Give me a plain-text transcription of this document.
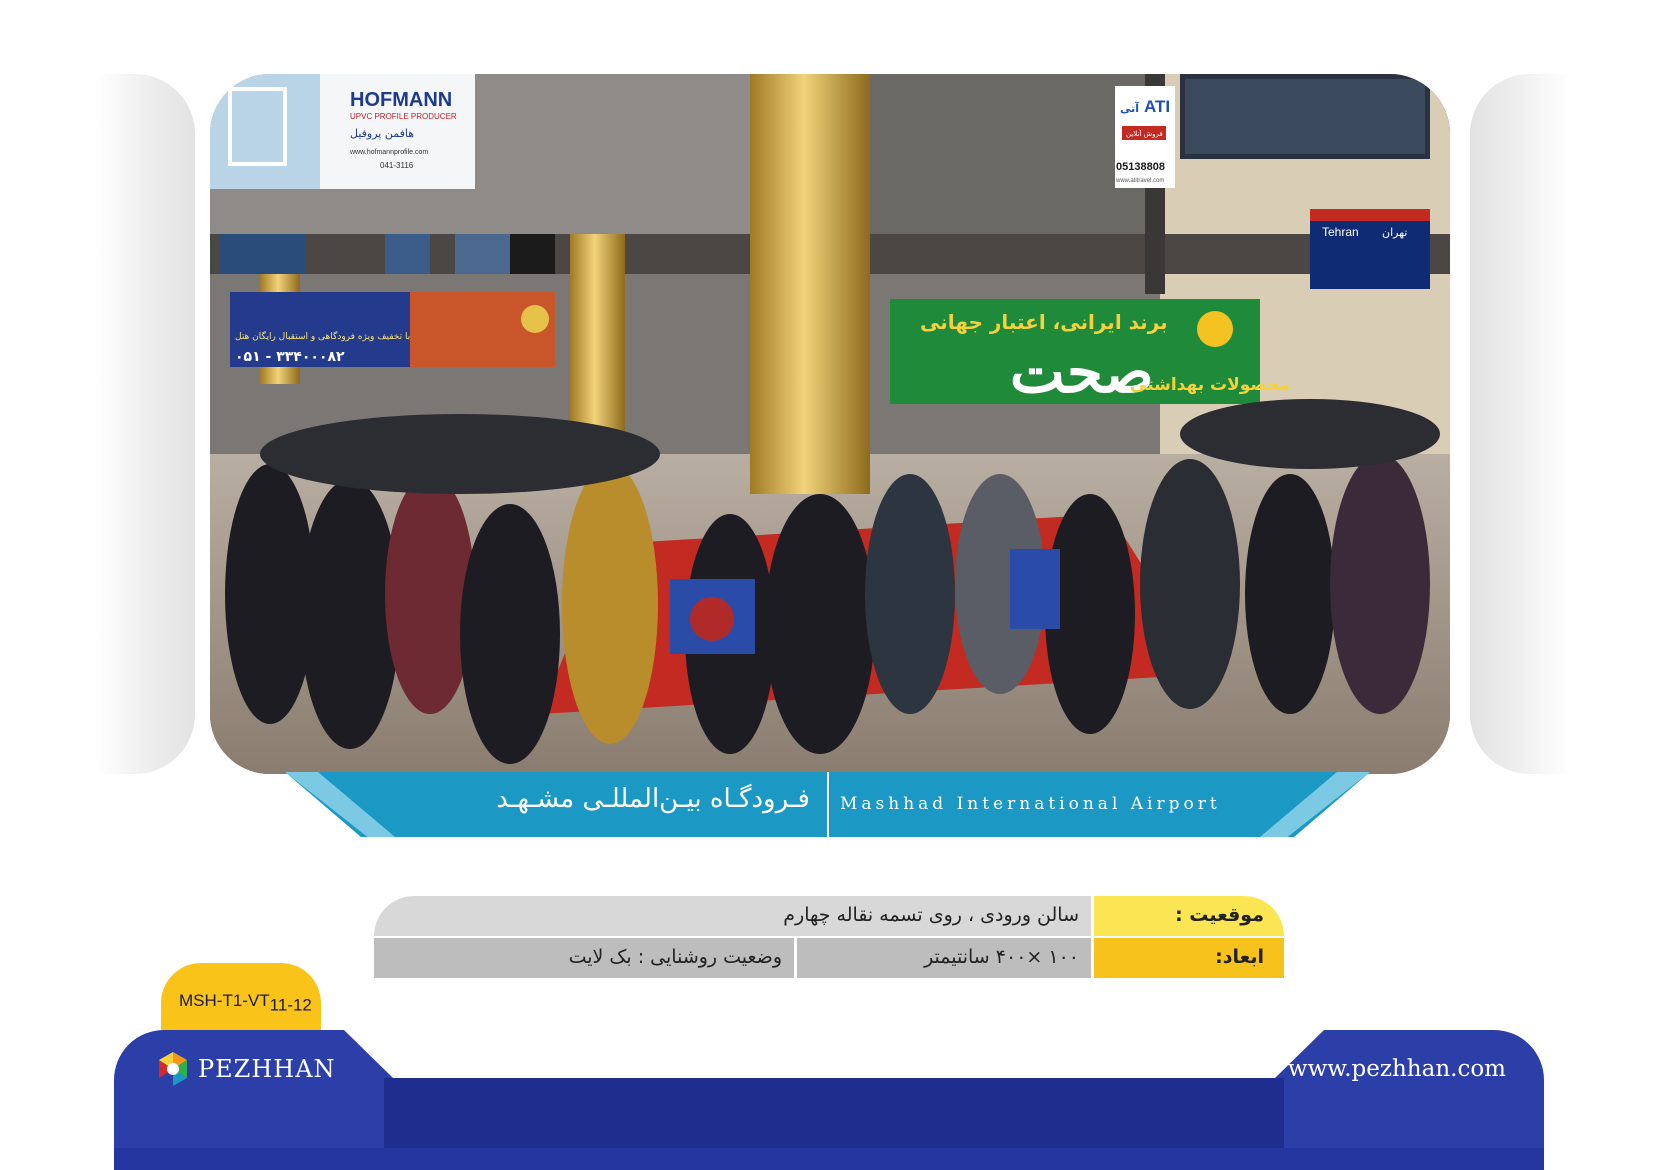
HOFMANN
UPVC PROFILE PRODUCER
هافمن پروفیل
www.hofmannprofile.com
041-3116
با تخفیف ویژه فرودگاهی و استقبال رایگان هتل
۰۵۱ - ۳۳۴۰۰۰۸۲
ATI
آتی
فروش آنلاین
05138808
www.atitravel.com
Tehran تهران
برند ایرانی، اعتبار جهانی
صحت
محصولات بهداشتی
فـرودگـاه بیـن‌المللـی مشـهـد Mashhad International Airport
سالن ورودی ، روی تسمه نقاله چهارم	موقعیت :
وضعیت روشنایی : بک لایت	۱۰۰ ×۴۰۰ سانتیمتر	ابعاد:
MSH-$T1-VT_{11-12}$
PEZHHAN	www.pezhhan.com
